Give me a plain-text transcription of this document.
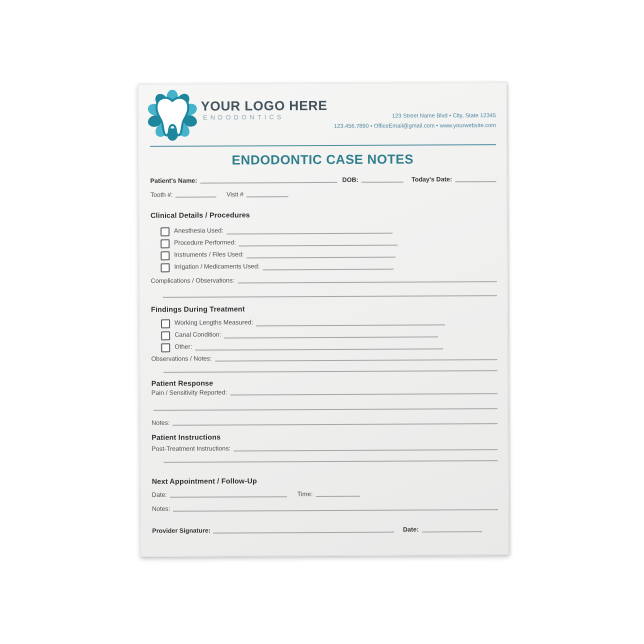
YOUR LOGO HERE
ENDODONTICS	123 Street Name Blvd • City, State 12345
123.456.7890 • OfficeEmail@gmail.com • www.yourwebsite.com
ENDODONTIC CASE NOTES
Patient's Name:	DOB:	Today's Date:
Tooth #:	Visit #
Clinical Details / Procedures
Anesthesia Used:
Procedure Performed:
Instruments / Files Used:
Irrigation / Medicaments Used:
Complications / Observations:
Findings During Treatment
Working Lengths Measured:
Canal Condition:
Other:
Observations / Notes:
Patient Response
Pain / Sensitivity Reported:
Notes:
Patient Instructions
Post-Treatment Instructions:
Next Appointment / Follow-Up
Date:	Time:
Notes:
Provider Signature:	Date:
